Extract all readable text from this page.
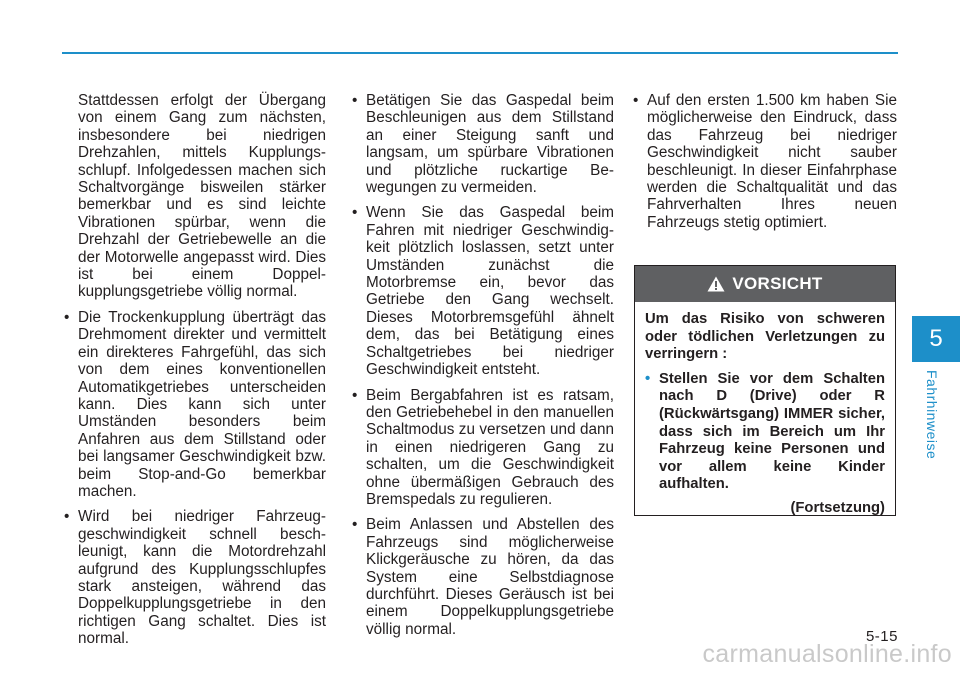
Stattdessen erfolgt der Übergang von einem Gang zum nächsten, insbesondere bei niedrigen Drehzahlen, mittels Kupplungsschlupf. Infolgedessen machen sich Schaltvorgänge bisweilen stärker bemerkbar und es sind leichte Vibrationen spürbar, wenn die Drehzahl der Getriebewelle an die der Motorwelle angepasst wird. Dies ist bei einem Doppelkupplungsgetriebe völlig normal.

• Die Trockenkupplung überträgt das Drehmoment direkter und vermittelt ein direkteres Fahrgefühl, das sich von dem eines konventionellen Automatikgetriebes unterscheiden kann. Dies kann sich unter Umständen besonders beim Anfahren aus dem Stillstand oder bei langsamer Geschwindigkeit bzw. beim Stop-and-Go bemerkbar machen.

• Wird bei niedriger Fahrzeuggeschwindigkeit schnell beschleunigt, kann die Motordrehzahl aufgrund des Kupplungsschlupfes stark ansteigen, während das Doppelkupplungsgetriebe in den richtigen Gang schaltet. Dies ist normal.

• Betätigen Sie das Gaspedal beim Beschleunigen aus dem Stillstand an einer Steigung sanft und langsam, um spürbare Vibrationen und plötzliche ruckartige Bewegungen zu vermeiden.

• Wenn Sie das Gaspedal beim Fahren mit niedriger Geschwindigkeit plötzlich loslassen, setzt unter Umständen zunächst die Motorbremse ein, bevor das Getriebe den Gang wechselt. Dieses Motorbremsgefühl ähnelt dem, das bei Betätigung eines Schaltgetriebes bei niedriger Geschwindigkeit entsteht.

• Beim Bergabfahren ist es ratsam, den Getriebehebel in den manuellen Schaltmodus zu versetzen und dann in einen niedrigeren Gang zu schalten, um die Geschwindigkeit ohne übermäßigen Gebrauch des Bremspedals zu regulieren.

• Beim Anlassen und Abstellen des Fahrzeugs sind möglicherweise Klickgeräusche zu hören, da das System eine Selbstdiagnose durchführt. Dieses Geräusch ist bei einem Doppelkupplungsgetriebe völlig normal.

• Auf den ersten 1.500 km haben Sie möglicherweise den Eindruck, dass das Fahrzeug bei niedriger Geschwindigkeit nicht sauber beschleunigt. In dieser Einfahrphase werden die Schaltqualität und das Fahrverhalten Ihres neuen Fahrzeugs stetig optimiert.

VORSICHT

Um das Risiko von schweren oder tödlichen Verletzungen zu verringern :

• Stellen Sie vor dem Schalten nach D (Drive) oder R (Rückwärtsgang) IMMER sicher, dass sich im Bereich um Ihr Fahrzeug keine Personen und vor allem keine Kinder aufhalten.

(Fortsetzung)

5
Fahrhinweise
5-15
carmanualsonline.info
